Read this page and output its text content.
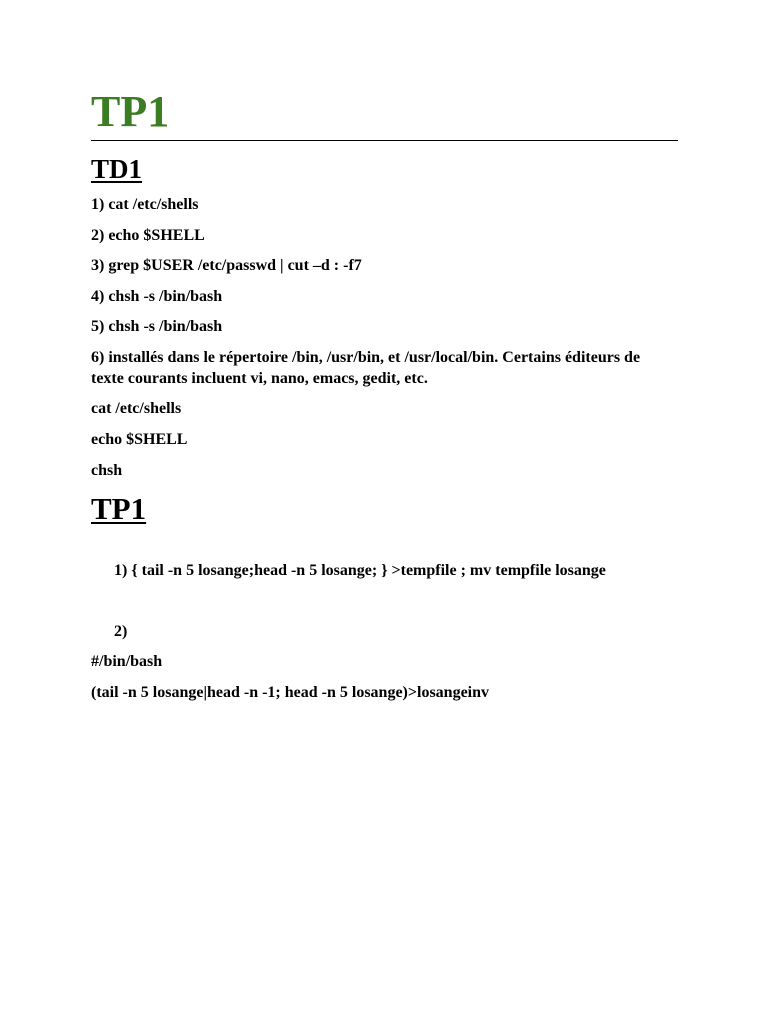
TP1
TD1

1) cat /etc/shells

2) echo $SHELL

3) grep $USER /etc/passwd | cut –d : -f7

4) chsh -s /bin/bash

5) chsh -s /bin/bash

6) installés dans le répertoire /bin, /usr/bin, et /usr/local/bin. Certains éditeurs de texte courants incluent vi, nano, emacs, gedit, etc.

cat /etc/shells

echo $SHELL

chsh

TP1

1) { tail -n 5 losange;head -n 5 losange; } >tempfile ; mv tempfile losange

2)

#/bin/bash

(tail -n 5 losange|head -n -1; head -n 5 losange)>losangeinv
